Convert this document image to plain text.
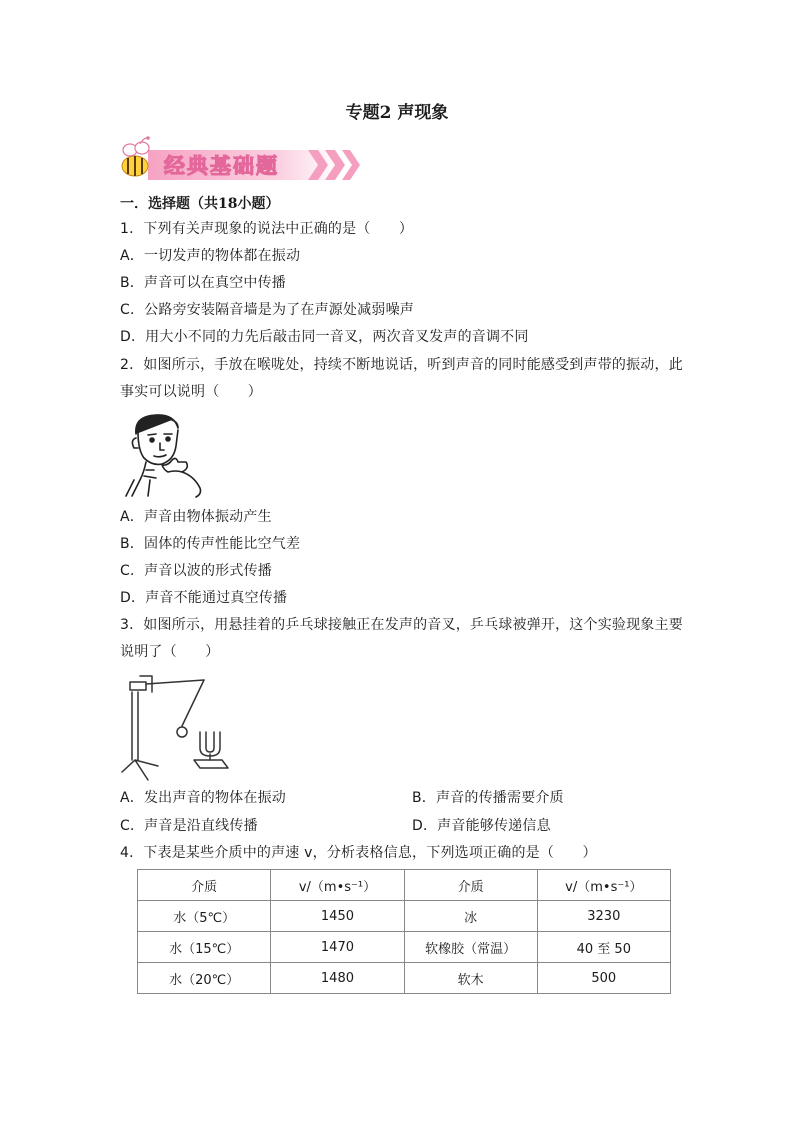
专题2 声现象
经典基础题
一．选择题（共18小题）
1．下列有关声现象的说法中正确的是（　　）
A．一切发声的物体都在振动
B．声音可以在真空中传播
C．公路旁安装隔音墙是为了在声源处减弱噪声
D．用大小不同的力先后敲击同一音叉，两次音叉发声的音调不同
2．如图所示，手放在喉咙处，持续不断地说话，听到声音的同时能感受到声带的振动，此
事实可以说明（　　）
A．声音由物体振动产生
B．固体的传声性能比空气差
C．声音以波的形式传播
D．声音不能通过真空传播
3．如图所示，用悬挂着的乒乓球接触正在发声的音叉，乒乓球被弹开，这个实验现象主要
说明了（　　）
A．发出声音的物体在振动	B．声音的传播需要介质
C．声音是沿直线传播	D．声音能够传递信息
4．下表是某些介质中的声速 v，分析表格信息，下列选项正确的是（　　）
介质	v/（m•s⁻¹）	介质	v/（m•s⁻¹）
水（5℃）	1450	冰	3230
水（15℃）	1470	软橡胶（常温）	40 至 50
水（20℃）	1480	软木	500
